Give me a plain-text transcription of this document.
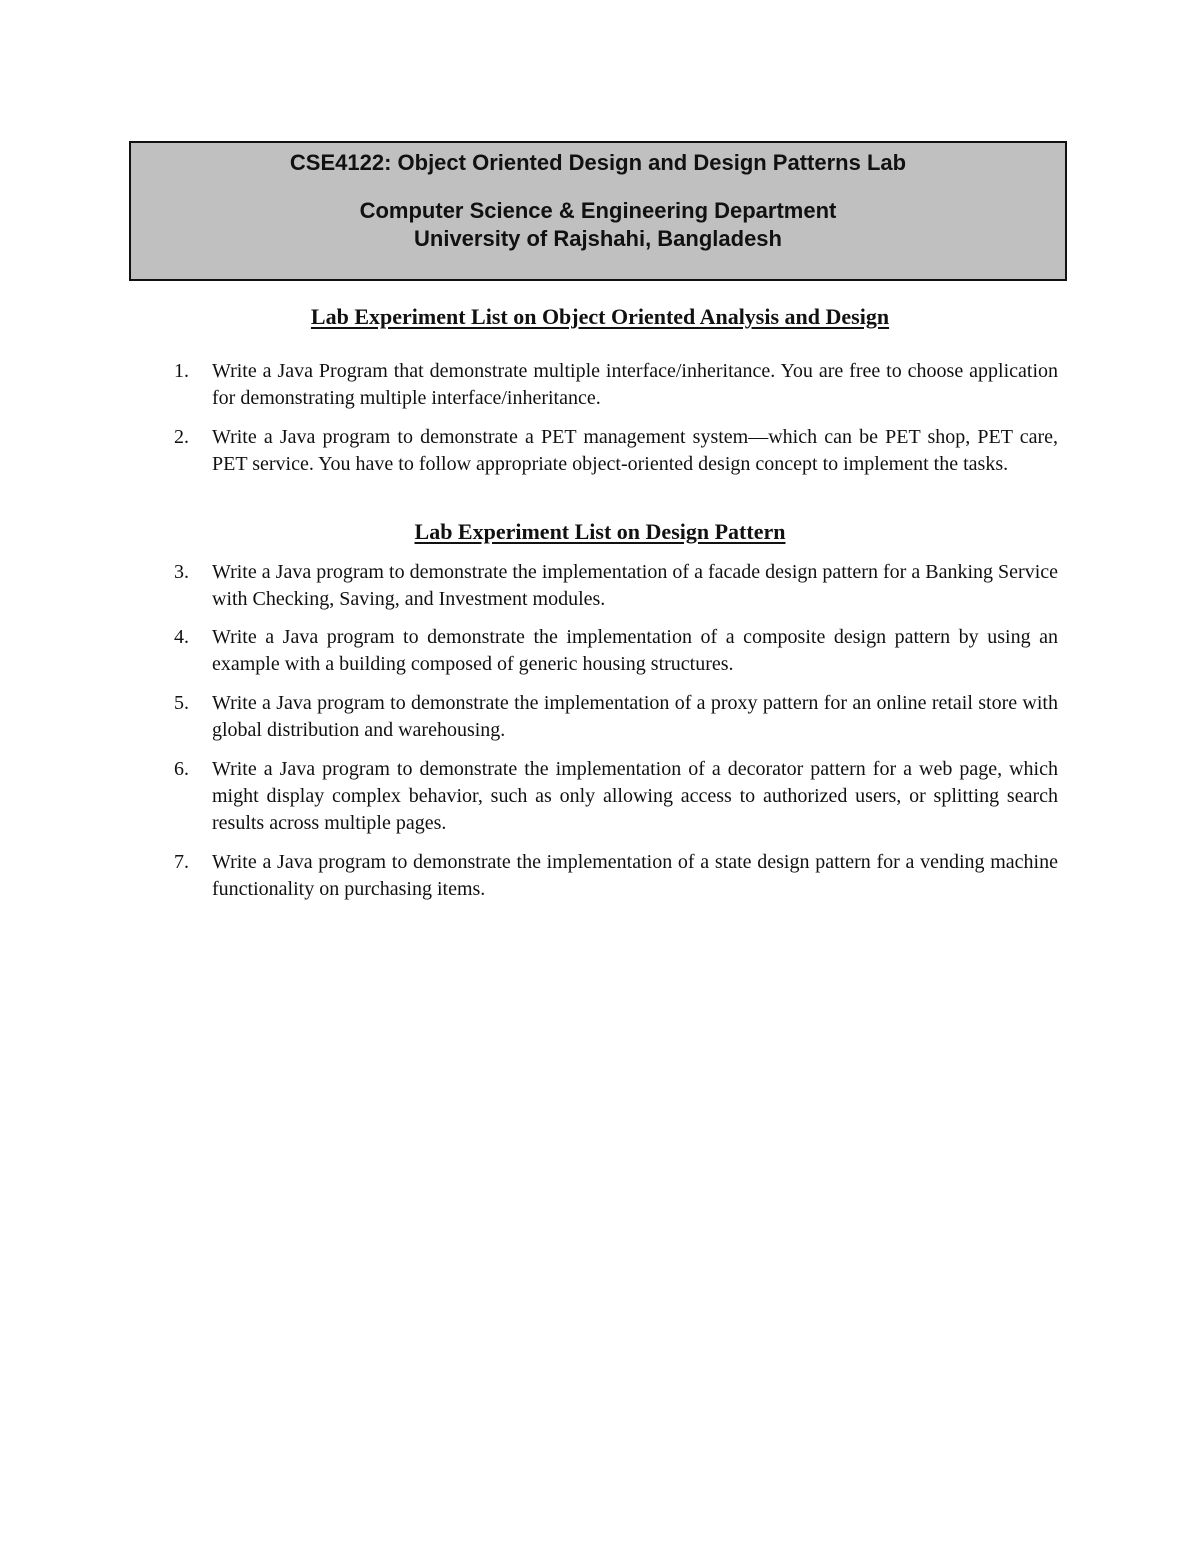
CSE4122: Object Oriented Design and Design Patterns Lab
Computer Science & Engineering Department
University of Rajshahi, Bangladesh
Lab Experiment List on Object Oriented Analysis and Design
1.	Write a Java Program that demonstrate multiple interface/inheritance. You are free to choose application for demonstrating multiple interface/inheritance.
2.	Write a Java program to demonstrate a PET management system—which can be PET shop, PET care, PET service. You have to follow appropriate object-oriented design concept to implement the tasks.
Lab Experiment List on Design Pattern
3.	Write a Java program to demonstrate the implementation of a facade design pattern for a Banking Service with Checking, Saving, and Investment modules.
4.	Write a Java program to demonstrate the implementation of a composite design pattern by using an example with a building composed of generic housing structures.
5.	Write a Java program to demonstrate the implementation of a proxy pattern for an online retail store with global distribution and warehousing.
6.	Write a Java program to demonstrate the implementation of a decorator pattern for a web page, which might display complex behavior, such as only allowing access to authorized users, or splitting search results across multiple pages.
7.	Write a Java program to demonstrate the implementation of a state design pattern for a vending machine functionality on purchasing items.
